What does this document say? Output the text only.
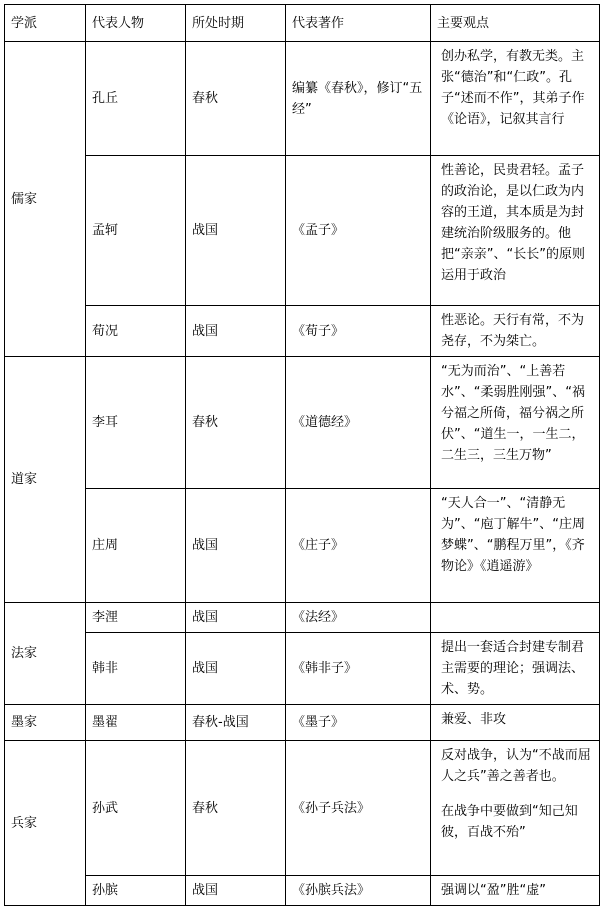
学派	代表人物	所处时期	代表著作	主要观点
儒家	孔丘	春秋	编纂《春秋》，修订“五经”	创办私学，有教无类。主张“德治”和“仁政”。孔子“述而不作”，其弟子作《论语》，记叙其言行
	孟轲	战国	《孟子》	性善论，民贵君轻。孟子的政治论，是以仁政为内容的王道，其本质是为封建统治阶级服务的。他把“亲亲”、“长长”的原则运用于政治
	荀况	战国	《荀子》	性恶论。天行有常，不为尧存，不为桀亡。
道家	李耳	春秋	《道德经》	“无为而治”、“上善若水”、“柔弱胜刚强”、“祸兮福之所倚，福兮祸之所伏”、“道生一，一生二，二生三，三生万物”
	庄周	战国	《庄子》	“天人合一”、“清静无为”、“庖丁解牛”、“庄周梦蝶”、“鹏程万里”，《齐物论》《逍遥游》
法家	李浬	战国	《法经》	
	韩非	战国	《韩非子》	提出一套适合封建专制君主需要的理论；强调法、术、势。
墨家	墨翟	春秋-战国	《墨子》	兼爱、非攻
兵家	孙武	春秋	《孙子兵法》	反对战争，认为“不战而屈人之兵”善之善者也。
在战争中要做到“知己知彼，百战不殆”

	孙膑	战国	《孙膑兵法》	强调以“盈”胜“虚”
